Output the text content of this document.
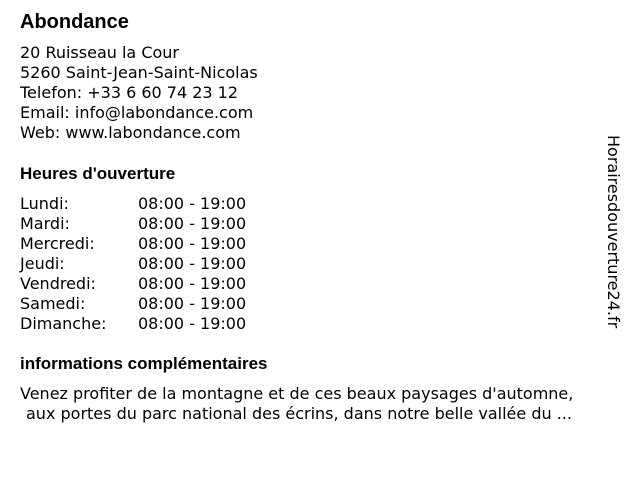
Abondance
20 Ruisseau la Cour
5260 Saint-Jean-Saint-Nicolas
Telefon: +33 6 60 74 23 12
Email: info@labondance.com
Web: www.labondance.com
Heures d'ouverture
Lundi:	08:00 - 19:00
Mardi:	08:00 - 19:00
Mercredi:	08:00 - 19:00
Jeudi:	08:00 - 19:00
Vendredi:	08:00 - 19:00
Samedi:	08:00 - 19:00
Dimanche: 08:00 - 19:00
informations complémentaires
Venez profiter de la montagne et de ces beaux paysages d'automne,
aux portes du parc national des écrins, dans notre belle vallée du ...
Horairesdouverture24.fr
